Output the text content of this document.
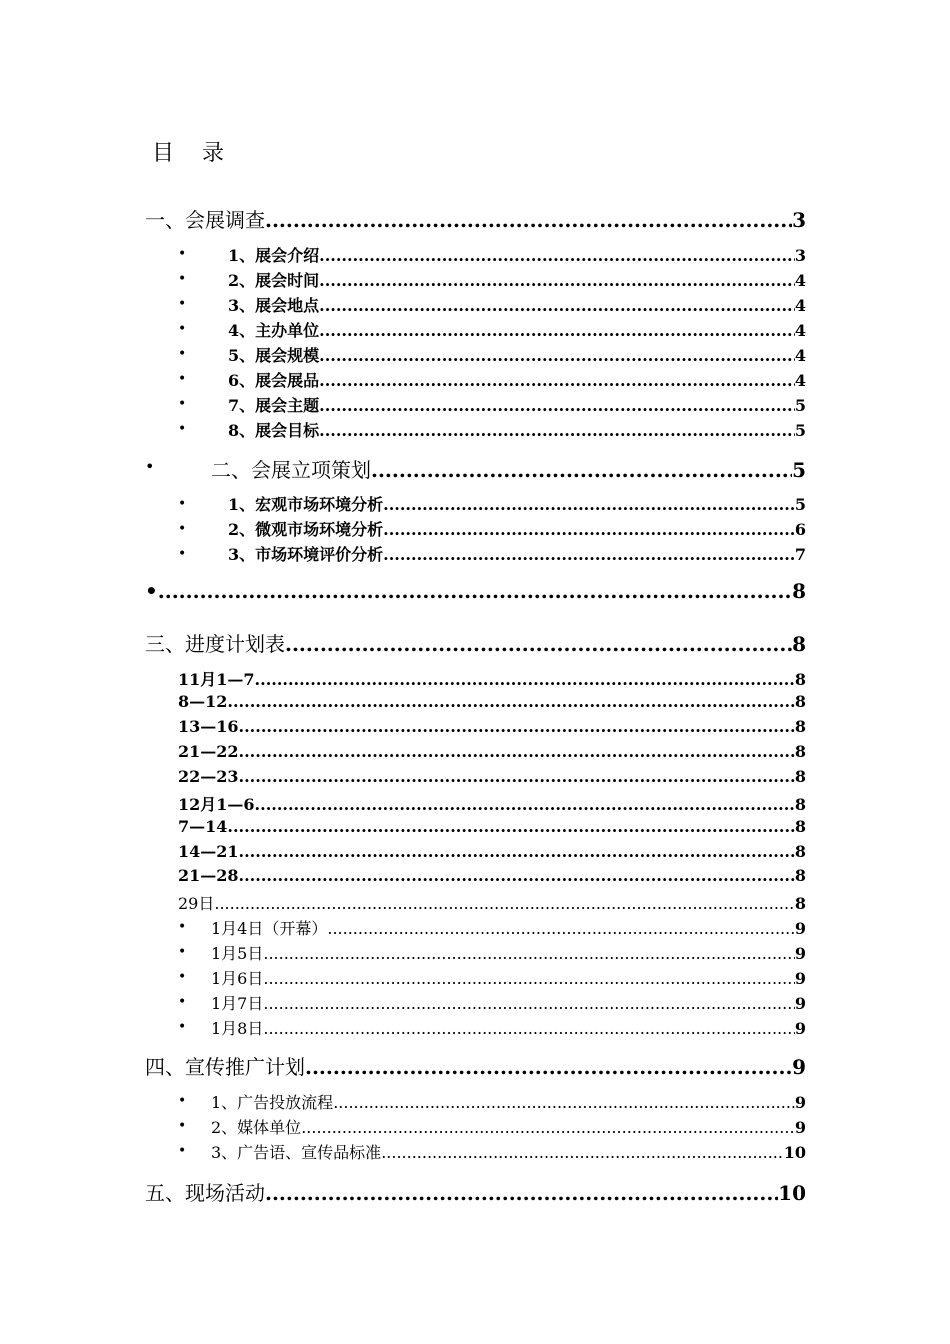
目    录
一、会展调查 .....	3
•	1、展会介绍 .....	3
•	2、展会时间 .....	4
•	3、展会地点 .....	4
•	4、主办单位 .....	4
•	5、展会规模 .....	4
•	6、展会展品 .....	4
•	7、展会主题 .....	5
•	8、展会目标 .....	5
•	二、会展立项策划 .....	5
•	1、宏观市场环境分析 .....	5
•	2、微观市场环境分析 .....	6
•	3、市场环境评价分析 .....	7
• .....	8
三、进度计划表 .....	8
11月1—7 .....	8
8—12 .....	8
13—16 .....	8
21—22 .....	8
22—23 .....	8
12月1—6 .....	8
7—14 .....	8
14—21 .....	8
21—28 .....	8
29日 .....	8
• 1月4日（开幕） .....	9
• 1月5日 .....	9
• 1月6日 .....	9
• 1月7日 .....	9
• 1月8日 .....	9
四、宣传推广计划 .....	9
• 1、广告投放流程 .....	9
• 2、媒体单位 .....	9
• 3、广告语、宣传品标准 .....	10
五、现场活动 .....	10
